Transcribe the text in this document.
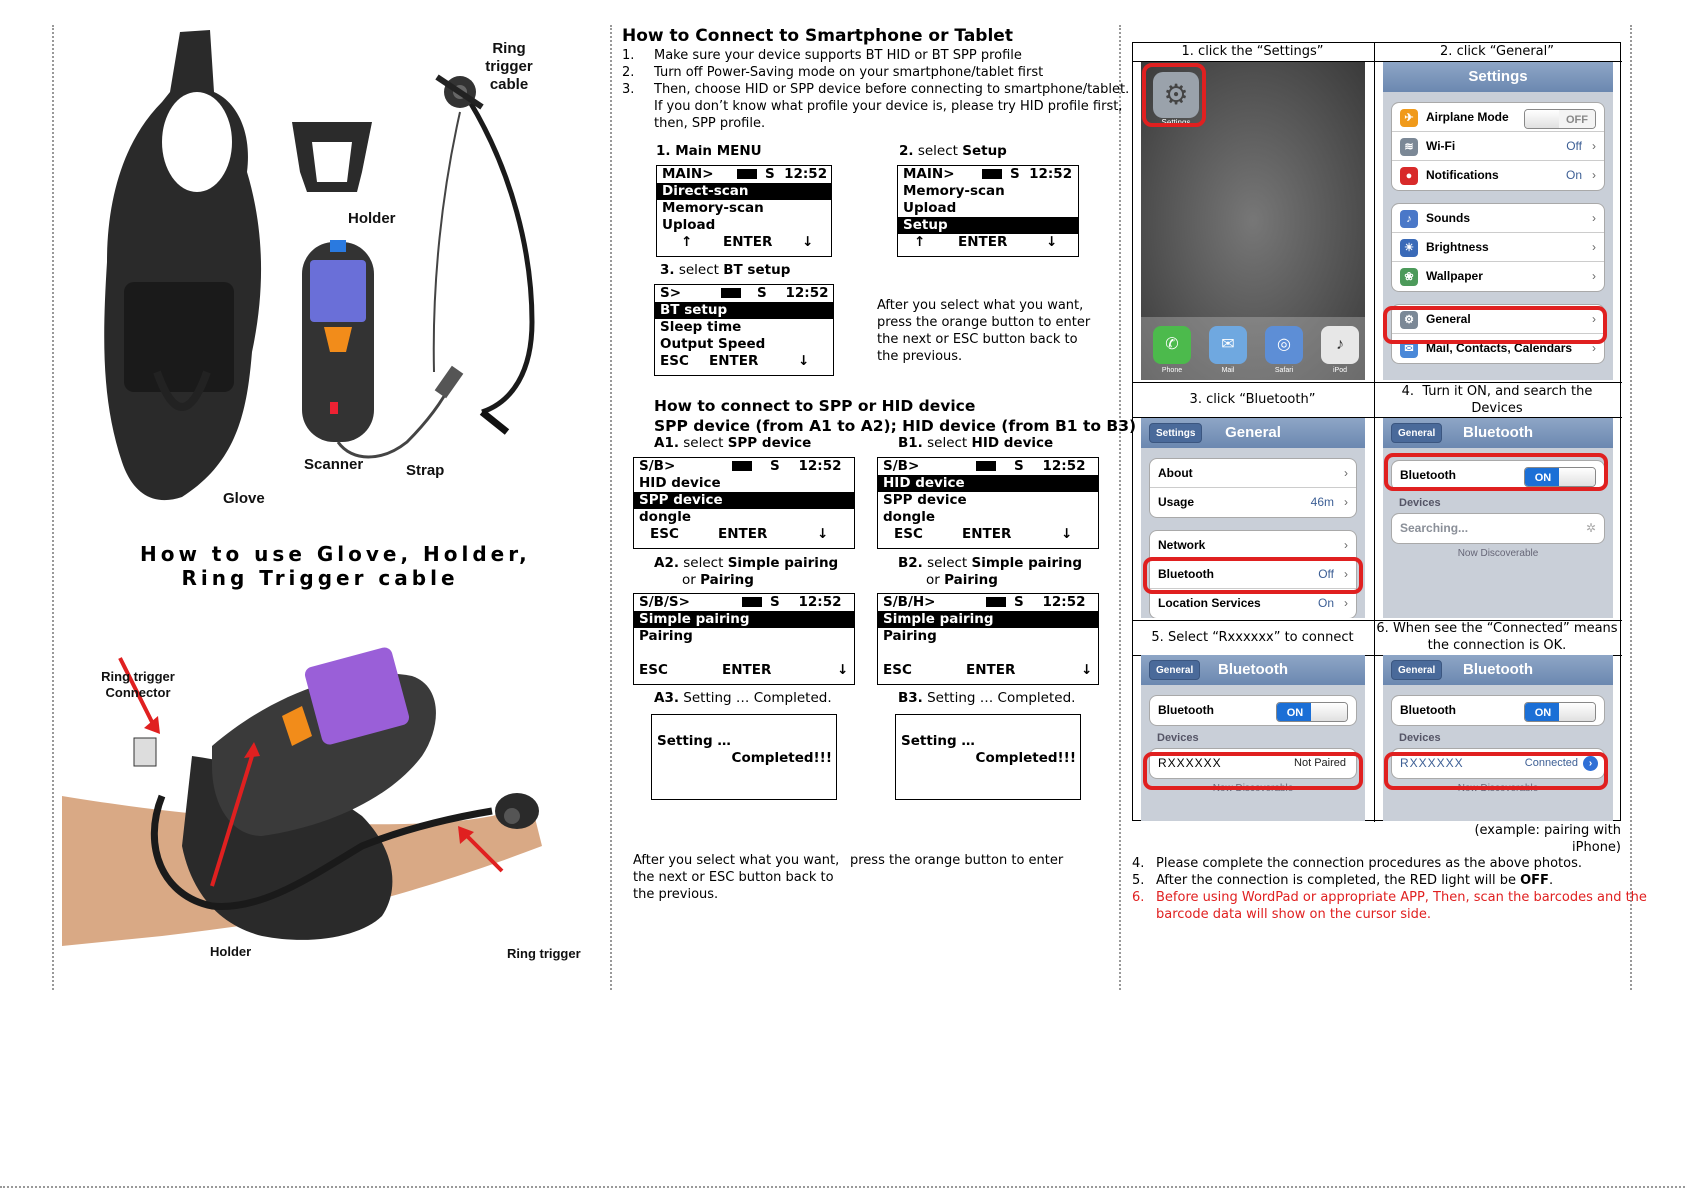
Ring
trigger
cable
Holder
Scanner	Strap
Glove
How to use Glove, Holder,
Ring Trigger cable
Ring trigger
Connector
Holder	Ring trigger
How to Connect to Smartphone or Tablet
1. Make sure your device supports BT HID or BT SPP profile
2. Turn off Power-Saving mode on your smartphone/tablet first
3. Then, choose HID or SPP device before connecting to smartphone/tablet.
If you don’t know what profile your device is, please try HID profile first,
then, SPP profile.
1. Main MENU	2. select Setup
MAIN>	S  12:52
Direct-scan
Memory-scan
Upload
↑ ENTER ↓
MAIN>	S  12:52
Memory-scan
Upload
Setup
↑ ENTER	↓
3. select BT setup
S>	S    12:52
BT setup
Sleep time
Output Speed
ESC ENTER	↓
After you select what you want,
press the orange button to enter
the next or ESC button back to
the previous.
How to connect to SPP or HID device
SPP device (from A1 to A2); HID device (from B1 to B3)
A1. select SPP device	B1. select HID device
S/B>	S    12:52
HID device
SPP device
dongle
ESC	ENTER	↓
S/B>	S    12:52
HID device
SPP device
dongle
ESC	ENTER	↓
A2. select Simple pairing
or Pairing
B2. select Simple pairing
or Pairing
S/B/S>	S    12:52
Simple pairing
Pairing
ESC	ENTER	↓
S/B/H>	S    12:52
Simple pairing
Pairing
ESC	ENTER	↓
A3. Setting … Completed.	B3. Setting … Completed.
Setting …
Completed!!!
Setting …
Completed!!!
After you select what you want,
the next or ESC button back to
the previous.
press the orange button to enter
1. click the “Settings”	2. click “General”
3. click “Bluetooth”
4. Turn it ON, and search the
Devices
5. Select “Rxxxxxx” to connect
6. When see the “Connected” means
the connection is OK.
⚙
Settings
✆	✉	◎	♪
Phone	Mail	Safari	iPod
Settings
✈ Airplane Mode	OFF
≋ Wi-Fi	Off ›
● Notifications	On ›
♪ Sounds	›
☀ Brightness	›
❀ Wallpaper	›
⚙ General	›
✉ Mail, Contacts, Calendars ›
Settings	General
About	›
Usage	46m ›
Network	›
Bluetooth	Off ›
Location Services	On ›
General	Bluetooth
Bluetooth	ON
Devices
Searching...	✲
Now Discoverable
General	Bluetooth
Bluetooth	ON
Devices
RXXXXXX	Not Paired
Now Discoverable
General	Bluetooth
Bluetooth	ON
Devices
RXXXXXX	Connected	›
Now Discoverable
(example: pairing with iPhone)
4. Please complete the connection procedures as the above photos.
5. After the connection is completed, the RED light will be OFF.
6. Before using WordPad or appropriate APP, Then, scan the barcodes and the
barcode data will show on the cursor side.
